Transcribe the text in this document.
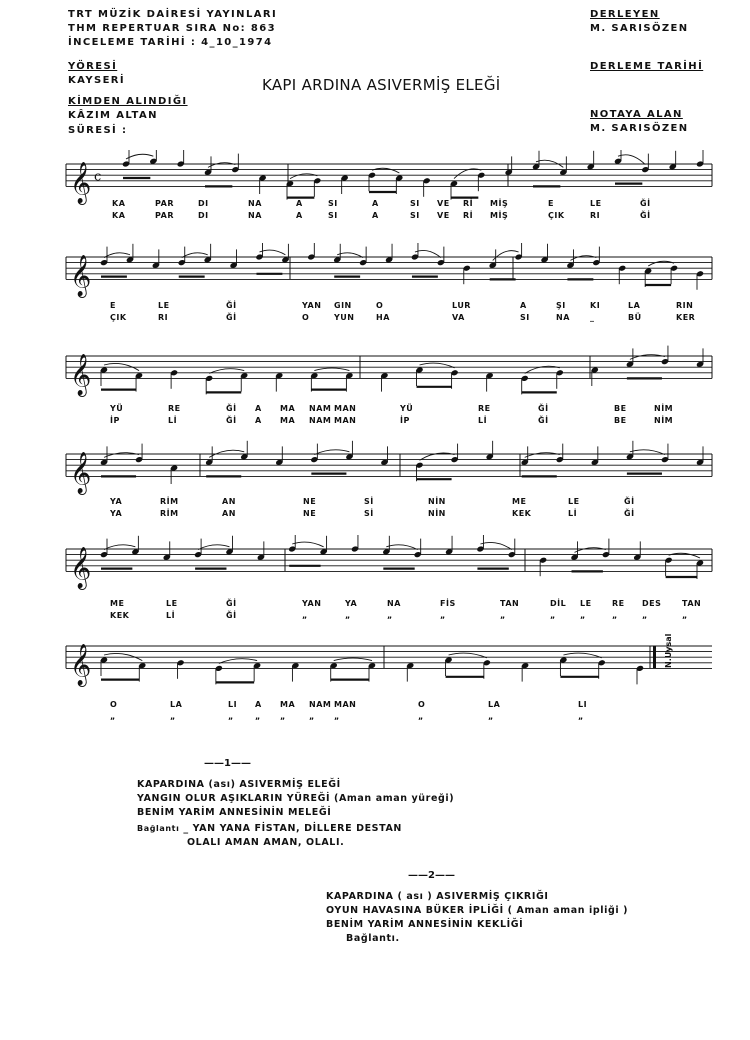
TRT MÜZİK DAİRESİ YAYINLARI
THM REPERTUAR SIRA No: 863
İNCELEME TARİHİ : 4_10_1974
YÖRESİ
KAYSERİ
KİMDEN ALINDIĞI
KÂZIM ALTAN
SÜRESİ :
DERLEYEN
M. SARISÖZEN
DERLEME TARİHİ
NOTAYA ALAN
M. SARISÖZEN
KAPI ARDINA ASIVERMİŞ ELEĞİ
𝄞 c
KA	PAR	DI	NA	A	SI	A	SI VE Rİ MİŞ	E	LE	Ğİ
KA	PAR	DI	NA	A	SI	A	SI VE Rİ MİŞ	ÇIK	RI	Ğİ
𝄞
E	LE	Ğİ	YAN GIN	O	LUR	A	ŞI	KI	LA	RIN
ÇIK	RI	Ğİ	O	YUN	HA	VA	SI	NA	_	BÜ	KER
𝄞
YÜ	RE	Ğİ A MA NAM MAN	YÜ	RE	Ğİ	BE	NİM
İP	Lİ	Ğİ A MA NAM MAN	İP	Lİ	Ğİ	BE	NİM
𝄞
YA	RİM	AN	NE	Sİ	NİN	ME	LE	Ğİ
YA	RİM	AN	NE	Sİ	NİN	KEK	Lİ	Ğİ
𝄞
ME	LE	Ğİ	YAN	YA	NA	FİS	TAN	DİL LE	RE DES	TAN
KEK	Lİ	Ğİ	„	„	„	„	„	„	„	„	„	„
𝄞
O	LA	LI A MA NAM MAN	O	LA	LI
„	„	„	„ „	„ „	„	„	„
——1——
KAPARDINA (ası) ASIVERMİŞ ELEĞİ
YANGIN OLUR AŞIKLARIN YÜREĞİ (Aman aman yüreği)
BENİM YARİM ANNESİNİN MELEĞİ
Bağlantı _ YAN YANA FİSTAN, DİLLERE DESTAN
OLALI AMAN AMAN, OLALI.
——2——
KAPARDINA ( ası ) ASIVERMİŞ ÇIKRIĞI
OYUN HAVASINA BÜKER İPLİĞİ ( Aman aman ipliği )
BENİM YARİM ANNESİNİN KEKLİĞİ
Bağlantı.
N.Uysal
